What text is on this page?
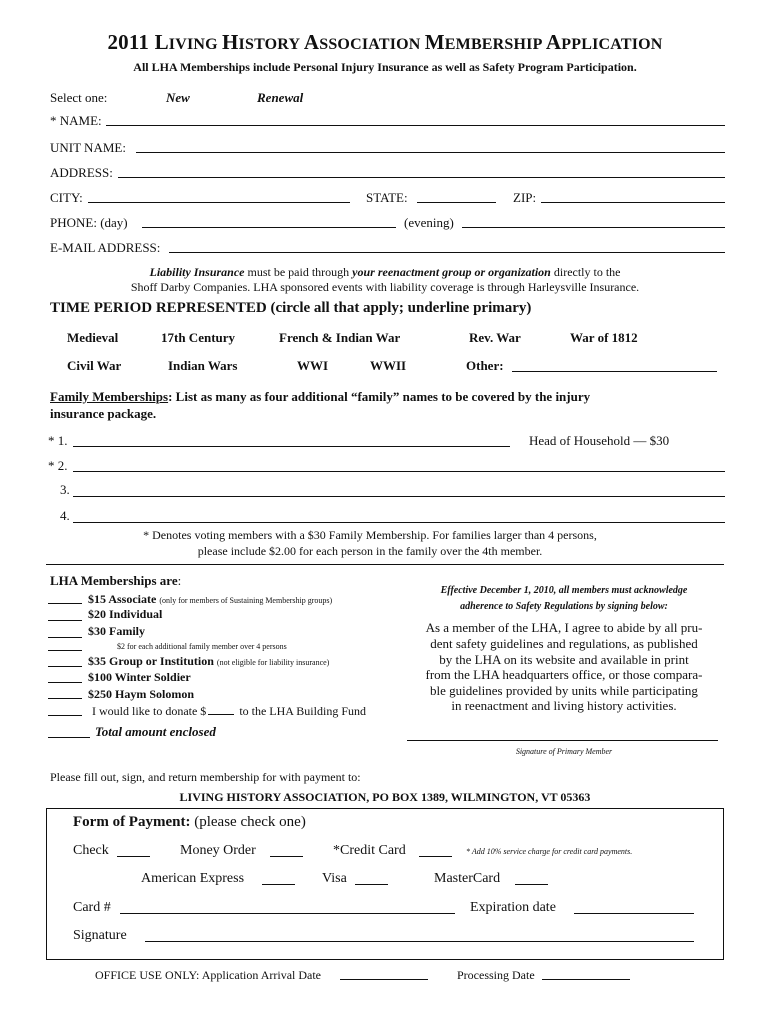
2011 LIVING HISTORY ASSOCIATION MEMBERSHIP APPLICATION
All LHA Memberships include Personal Injury Insurance as well as Safety Program Participation.
Select one:	New	Renewal
* NAME:
UNIT NAME:
ADDRESS:
CITY:	STATE:	ZIP:
PHONE: (day)	(evening)
E-MAIL ADDRESS:
Liability Insurance must be paid through your reenactment group or organization directly to the
Shoff Darby Companies. LHA sponsored events with liability coverage is through Harleysville Insurance.
TIME PERIOD REPRESENTED (circle all that apply; underline primary)
Medieval	17th Century	French & Indian War	Rev. War	War of 1812
Civil War	Indian Wars	WWI	WWII	Other:
Family Memberships: List as many as four additional “family” names to be covered by the injury
insurance package.
* 1.	Head of Household — $30
* 2.
3.
4.
* Denotes voting members with a $30 Family Membership. For families larger than 4 persons,
please include $2.00 for each person in the family over the 4th member.
LHA Memberships are:
$15 Associate (only for members of Sustaining Membership groups)
$20 Individual
$30 Family
$2 for each additional family member over 4 persons
$35 Group or Institution (not eligible for liability insurance)
$100 Winter Soldier
$250 Haym Solomon
I would like to donate $	to the LHA Building Fund
Total amount enclosed
Effective December 1, 2010, all members must acknowledge
adherence to Safety Regulations by signing below:
As a member of the LHA, I agree to abide by all pru-
dent safety guidelines and regulations, as published
by the LHA on its website and available in print
from the LHA headquarters office, or those compara-
ble guidelines provided by units while participating
in reenactment and living history activities.
Signature of Primary Member
Please fill out, sign, and return membership for with payment to:
LIVING HISTORY ASSOCIATION, PO BOX 1389, WILMINGTON, VT 05363
Form of Payment: (please check one)
Check	Money Order	*Credit Card	* Add 10% service charge for credit card payments.
American Express	Visa	MasterCard
Card #	Expiration date
Signature
OFFICE USE ONLY: Application Arrival Date	Processing Date
